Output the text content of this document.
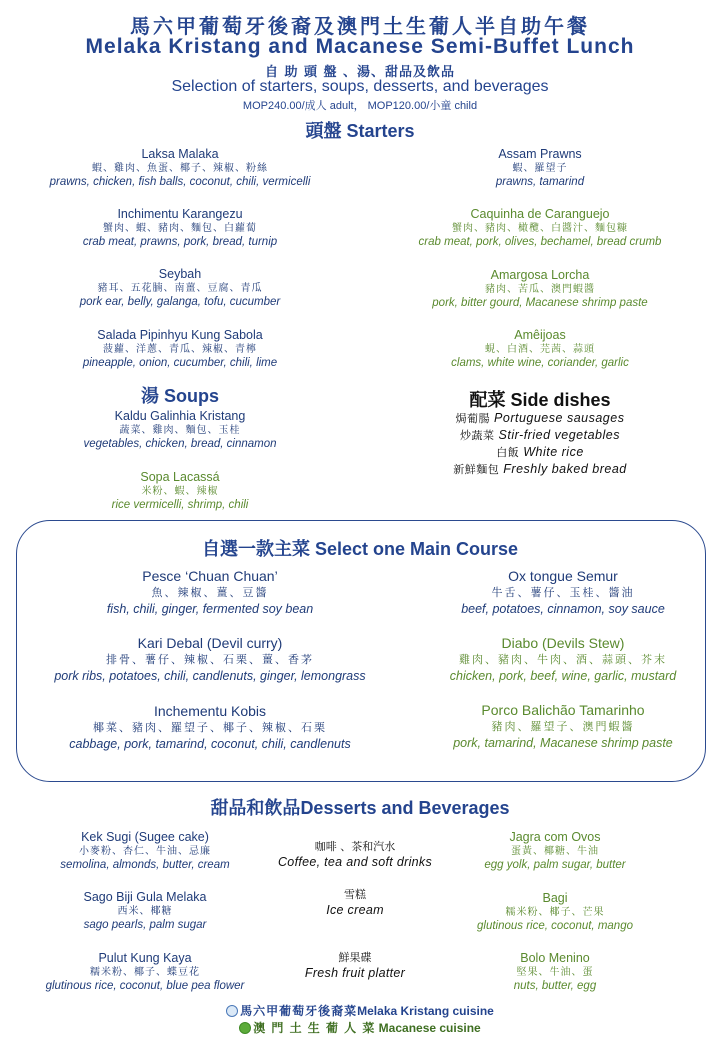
馬六甲葡萄牙後裔及澳門土生葡人半自助午餐
Melaka Kristang and Macanese Semi-Buffet Lunch
自 助 頭 盤 、湯、甜品及飲品
Selection of starters, soups, desserts, and beverages
MOP240.00/成人 adult， MOP120.00/小童 child
頭盤 Starters
Laksa Malaka
蝦、雞肉、魚蛋、椰子、辣椒、粉絲
prawns, chicken, fish balls, coconut, chili, vermicelli
Inchimentu Karangezu
蟹肉、蝦、豬肉、麵包、白蘿蔔
crab meat, prawns, pork, bread, turnip
Seybah
豬耳、五花腩、南薑、豆腐、青瓜
pork ear, belly, galanga, tofu, cucumber
Salada Pipinhyu Kung Sabola
菠蘿、洋蔥、青瓜、辣椒、青檸
pineapple, onion, cucumber, chili, lime
Assam Prawns
蝦、羅望子
prawns, tamarind
Caquinha de Caranguejo
蟹肉、豬肉、橄欖、白醬汁、麵包糠
crab meat, pork, olives, bechamel, bread crumb
Amargosa Lorcha
豬肉、苦瓜、澳門蝦醬
pork, bitter gourd, Macanese shrimp paste
Amêijoas
蜆、白酒、芫茜、蒜頭
clams, white wine, coriander, garlic
湯 Soups
Kaldu Galinhia Kristang
蔬菜、雞肉、麵包、玉桂
vegetables, chicken, bread, cinnamon
Sopa Lacassá
米粉、蝦、辣椒
rice vermicelli, shrimp, chili
配菜 Side dishes
焗葡腸 Portuguese sausages
炒蔬菜 Stir-fried vegetables
白飯 White rice
新鮮麵包 Freshly baked bread
自選一款主菜 Select one Main Course
Pesce ‘Chuan Chuan’
魚、辣椒、薑、豆醬
fish, chili, ginger, fermented soy bean
Kari Debal (Devil curry)
排骨、薯仔、辣椒、石栗、薑、香茅
pork ribs, potatoes, chili, candlenuts, ginger, lemongrass
Inchementu Kobis
椰菜、豬肉、羅望子、椰子、辣椒、石栗
cabbage, pork, tamarind, coconut, chili, candlenuts
Ox tongue Semur
牛舌、薯仔、玉桂、醬油
beef, potatoes, cinnamon, soy sauce
Diabo (Devils Stew)
雞肉、豬肉、牛肉、酒、蒜頭、芥末
chicken, pork, beef, wine, garlic, mustard
Porco Balichão Tamarinho
豬肉、羅望子、澳門蝦醬
pork, tamarind, Macanese shrimp paste
甜品和飲品Desserts and Beverages
Kek Sugi (Sugee cake)
小麥粉、杏仁、牛油、忌廉
semolina, almonds, butter, cream
Sago Biji Gula Melaka
西米、椰糖
sago pearls, palm sugar
Pulut Kung Kaya
糯米粉、椰子、蝶豆花
glutinous rice, coconut, blue pea flower
咖啡 、茶和汽水
Coffee, tea and soft drinks
雪糕
Ice cream
鮮果碟
Fresh fruit platter
Jagra com Ovos
蛋黃、椰糖、牛油
egg yolk, palm sugar, butter
Bagi
糯米粉、椰子、芒果
glutinous rice, coconut, mango
Bolo Menino
堅果、牛油、蛋
nuts, butter, egg
馬六甲葡萄牙後裔菜Melaka Kristang cuisine
澳 門 土 生 葡 人 菜 Macanese cuisine
